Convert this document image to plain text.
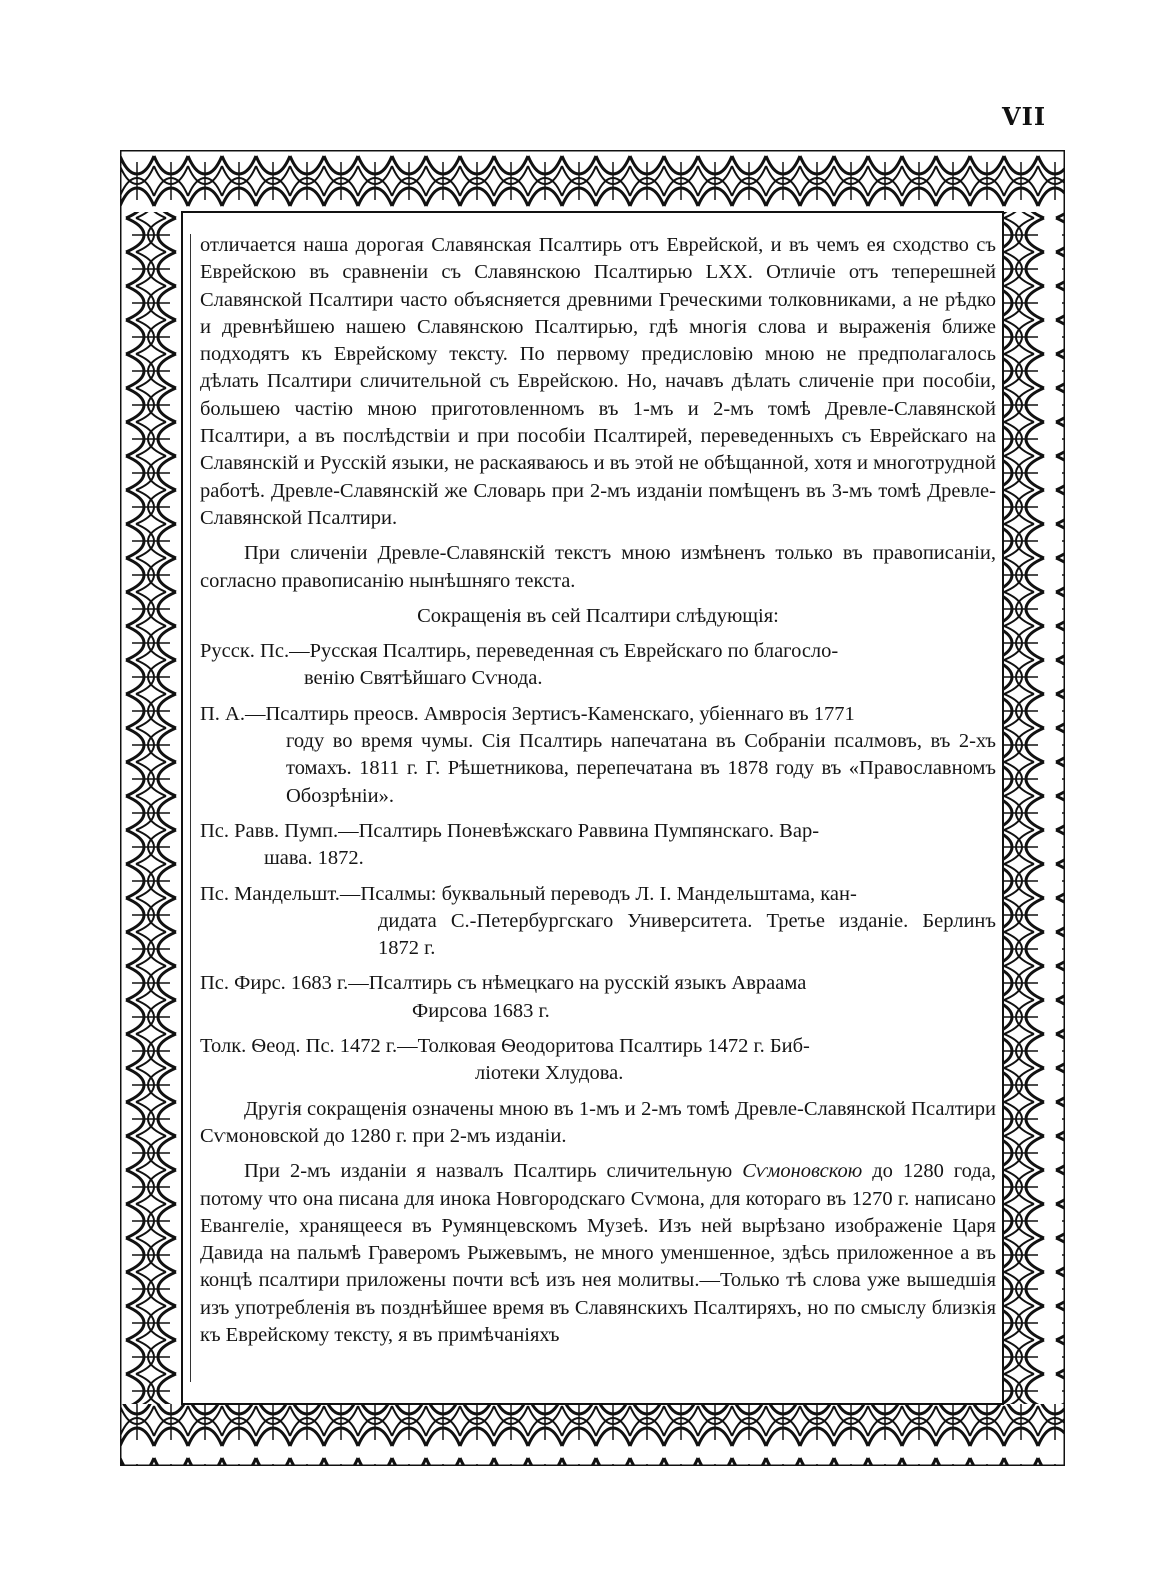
VII

отличается наша дорогая Славянская Псалтирь отъ Еврейской, и въ чемъ ея сходство съ Еврейскою въ сравненіи съ Славянскою Псалтирью LXX. Отличіе отъ теперешней Славянской Псалтири часто объясняется древними Греческими толковниками, а не рѣдко и древнѣйшею нашею Славянскою Псалтирью, гдѣ многія слова и выраженія ближе подходятъ къ Еврейскому тексту. По первому предисловію мною не предполагалось дѣлать Псалтири сличительной съ Еврейскою. Но, начавъ дѣлать сличеніе при пособіи, большею частію мною приготовленномъ въ 1-мъ и 2-мъ томѣ Древле-Славянской Псалтири, а въ послѣдствіи и при пособіи Псалтирей, переведенныхъ съ Еврейскаго на Славянскій и Русскій языки, не раскаяваюсь и въ этой не обѣщанной, хотя и многотрудной работѣ. Древле-Славянскій же Словарь при 2-мъ изданіи помѣщенъ въ 3-мъ томѣ Древле-Славянской Псалтири.

При сличеніи Древле-Славянскій текстъ мною измѣненъ только въ правописаніи, согласно правописанію нынѣшняго текста.

Сокращенія въ сей Псалтири слѣдующія:

Русск. Пс.—Русская Псалтирь, переведенная съ Еврейскаго по благосло-
венію Святѣйшаго Сѵнода.
П. А.—Псалтирь преосв. Амвросія Зертисъ-Каменскаго, убіеннаго въ 1771
году во время чумы. Сія Псалтирь напечатана въ Собраніи псалмовъ, въ 2-хъ томахъ. 1811 г. Г. Рѣшетникова, перепечатана въ 1878 году въ «Православномъ Обозрѣніи».
Пс. Равв. Пумп.—Псалтирь Поневѣжскаго Раввина Пумпянскаго. Вар-
шава. 1872.
Пс. Мандельшт.—Псалмы: буквальный переводъ Л. І. Мандельштама, кан-
дидата С.-Петербургскаго Университета. Третье изданіе. Берлинъ 1872 г.
Пс. Фирс. 1683 г.—Псалтирь съ нѣмецкаго на русскій языкъ Авраама
Фирсова 1683 г.
Толк. Ѳеод. Пс. 1472 г.—Толковая Ѳеодоритова Псалтирь 1472 г. Биб-
ліотеки Хлудова.

Другія сокращенія означены мною въ 1-мъ и 2-мъ томѣ Древле-Славянской Псалтири Сѵмоновской до 1280 г. при 2-мъ изданіи.

При 2-мъ изданіи я назвалъ Псалтирь сличительную Сѵмоновскою до 1280 года, потому что она писана для инока Новгородскаго Сѵмона, для котораго въ 1270 г. написано Евангеліе, хранящееся въ Румянцевскомъ Музеѣ. Изъ ней вырѣзано изображеніе Царя Давида на пальмѣ Граверомъ Рыжевымъ, не много уменшенное, здѣсь приложенное а въ концѣ псалтири приложены почти всѣ изъ нея молитвы.—Только тѣ слова уже вышедшія изъ употребленія въ позднѣйшее время въ Славянскихъ Псалтиряхъ, но по смыслу близкія къ Еврейскому тексту, я въ примѣчаніяхъ
